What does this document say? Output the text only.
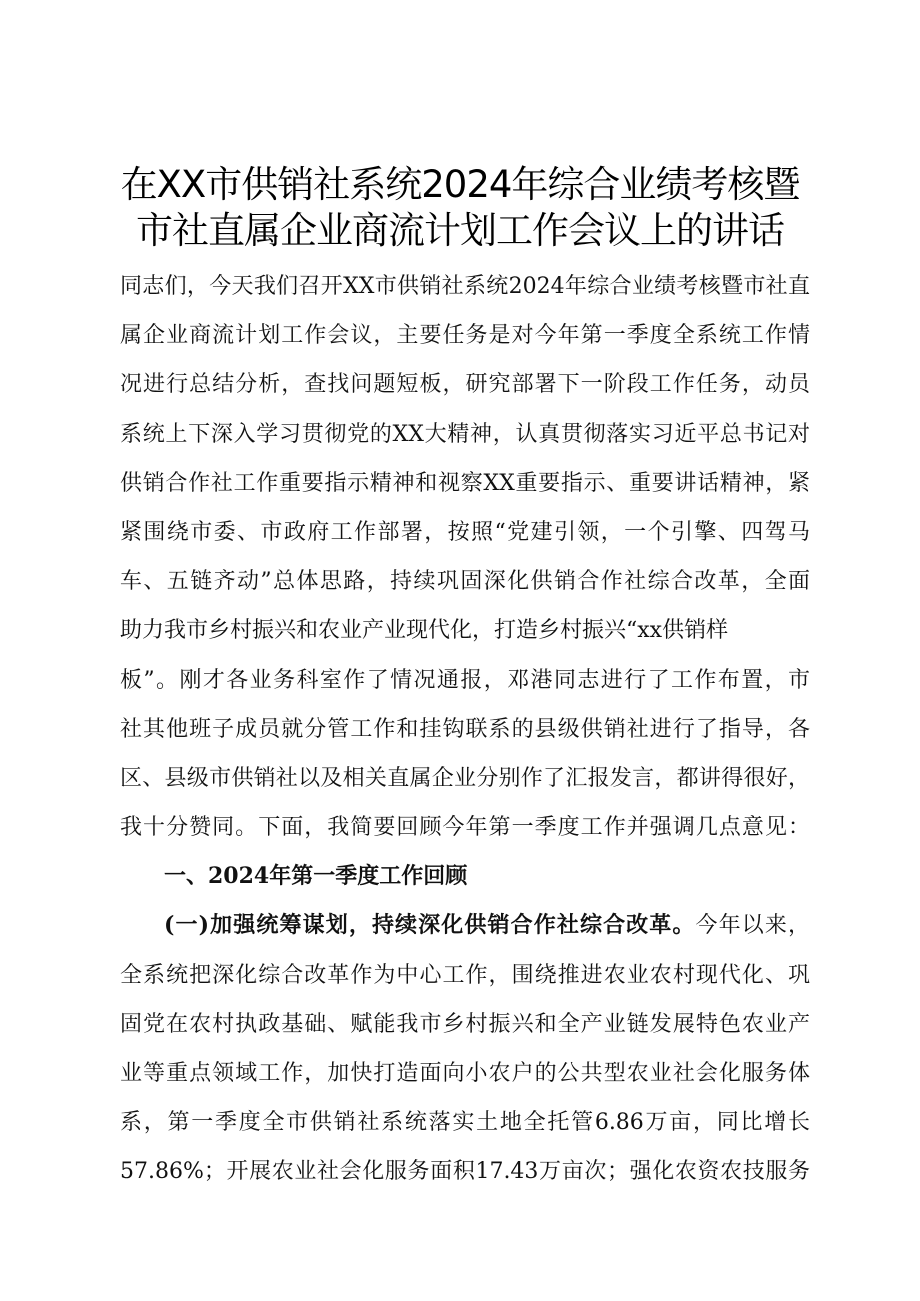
在XX市供销社系统2024年综合业绩考核暨
市社直属企业商流计划工作会议上的讲话
同志们，今天我们召开XX市供销社系统2024年综合业绩考核暨市社直
属企业商流计划工作会议，主要任务是对今年第一季度全系统工作情
况进行总结分析，查找问题短板，研究部署下一阶段工作任务，动员
系统上下深入学习贯彻党的XX大精神，认真贯彻落实习近平总书记对
供销合作社工作重要指示精神和视察XX重要指示、重要讲话精神，紧
紧围绕市委、市政府工作部署，按照“党建引领，一个引擎、四驾马
车、五链齐动”总体思路，持续巩固深化供销合作社综合改革，全面
助力我市乡村振兴和农业产业现代化，打造乡村振兴“xx供销样
板”。刚才各业务科室作了情况通报，邓港同志进行了工作布置，市
社其他班子成员就分管工作和挂钩联系的县级供销社进行了指导，各
区、县级市供销社以及相关直属企业分别作了汇报发言，都讲得很好，
我十分赞同。下面，我简要回顾今年第一季度工作并强调几点意见：
一、2024年第一季度工作回顾
(一)加强统筹谋划，持续深化供销合作社综合改革。今年以来，
全系统把深化综合改革作为中心工作，围绕推进农业农村现代化、巩
固党在农村执政基础、赋能我市乡村振兴和全产业链发展特色农业产
业等重点领域工作，加快打造面向小农户的公共型农业社会化服务体
系，第一季度全市供销社系统落实土地全托管6.86万亩，同比增长
57.86%；开展农业社会化服务面积17.43万亩次；强化农资农技服务
